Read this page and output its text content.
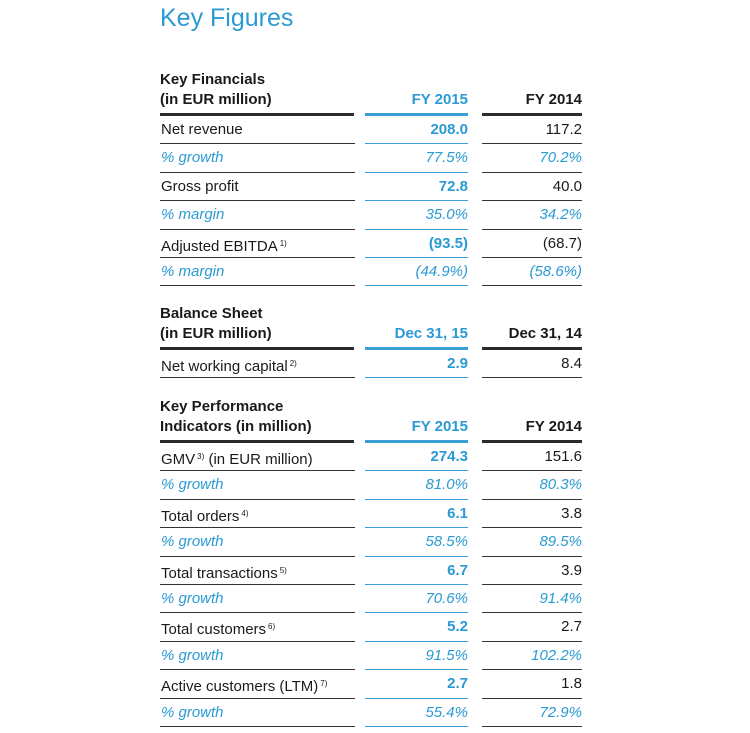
Key Figures
Key Financials
(in EUR million)	FY 2015	FY 2014
Net revenue	208.0	117.2
% growth	77.5%	70.2%
Gross profit	72.8	40.0
% margin	35.0%	34.2%
Adjusted EBITDA $^{1)}$	(93.5)	(68.7)
% margin	(44.9%)	(58.6%)
Balance Sheet
(in EUR million)	Dec 31, 15	Dec 31, 14
Net working capital $^{2)}$	2.9	8.4
Key Performance
Indicators (in million)	FY 2015	FY 2014
GMV $^{3)}$ (in EUR million)	274.3	151.6
% growth	81.0%	80.3%
Total orders $^{4)}$	6.1	3.8
% growth	58.5%	89.5%
Total transactions $^{5)}$	6.7	3.9
% growth	70.6%	91.4%
Total customers $^{6)}$	5.2	2.7
% growth	91.5%	102.2%
Active customers (LTM) $^{7)}$	2.7	1.8
% growth	55.4%	72.9%
